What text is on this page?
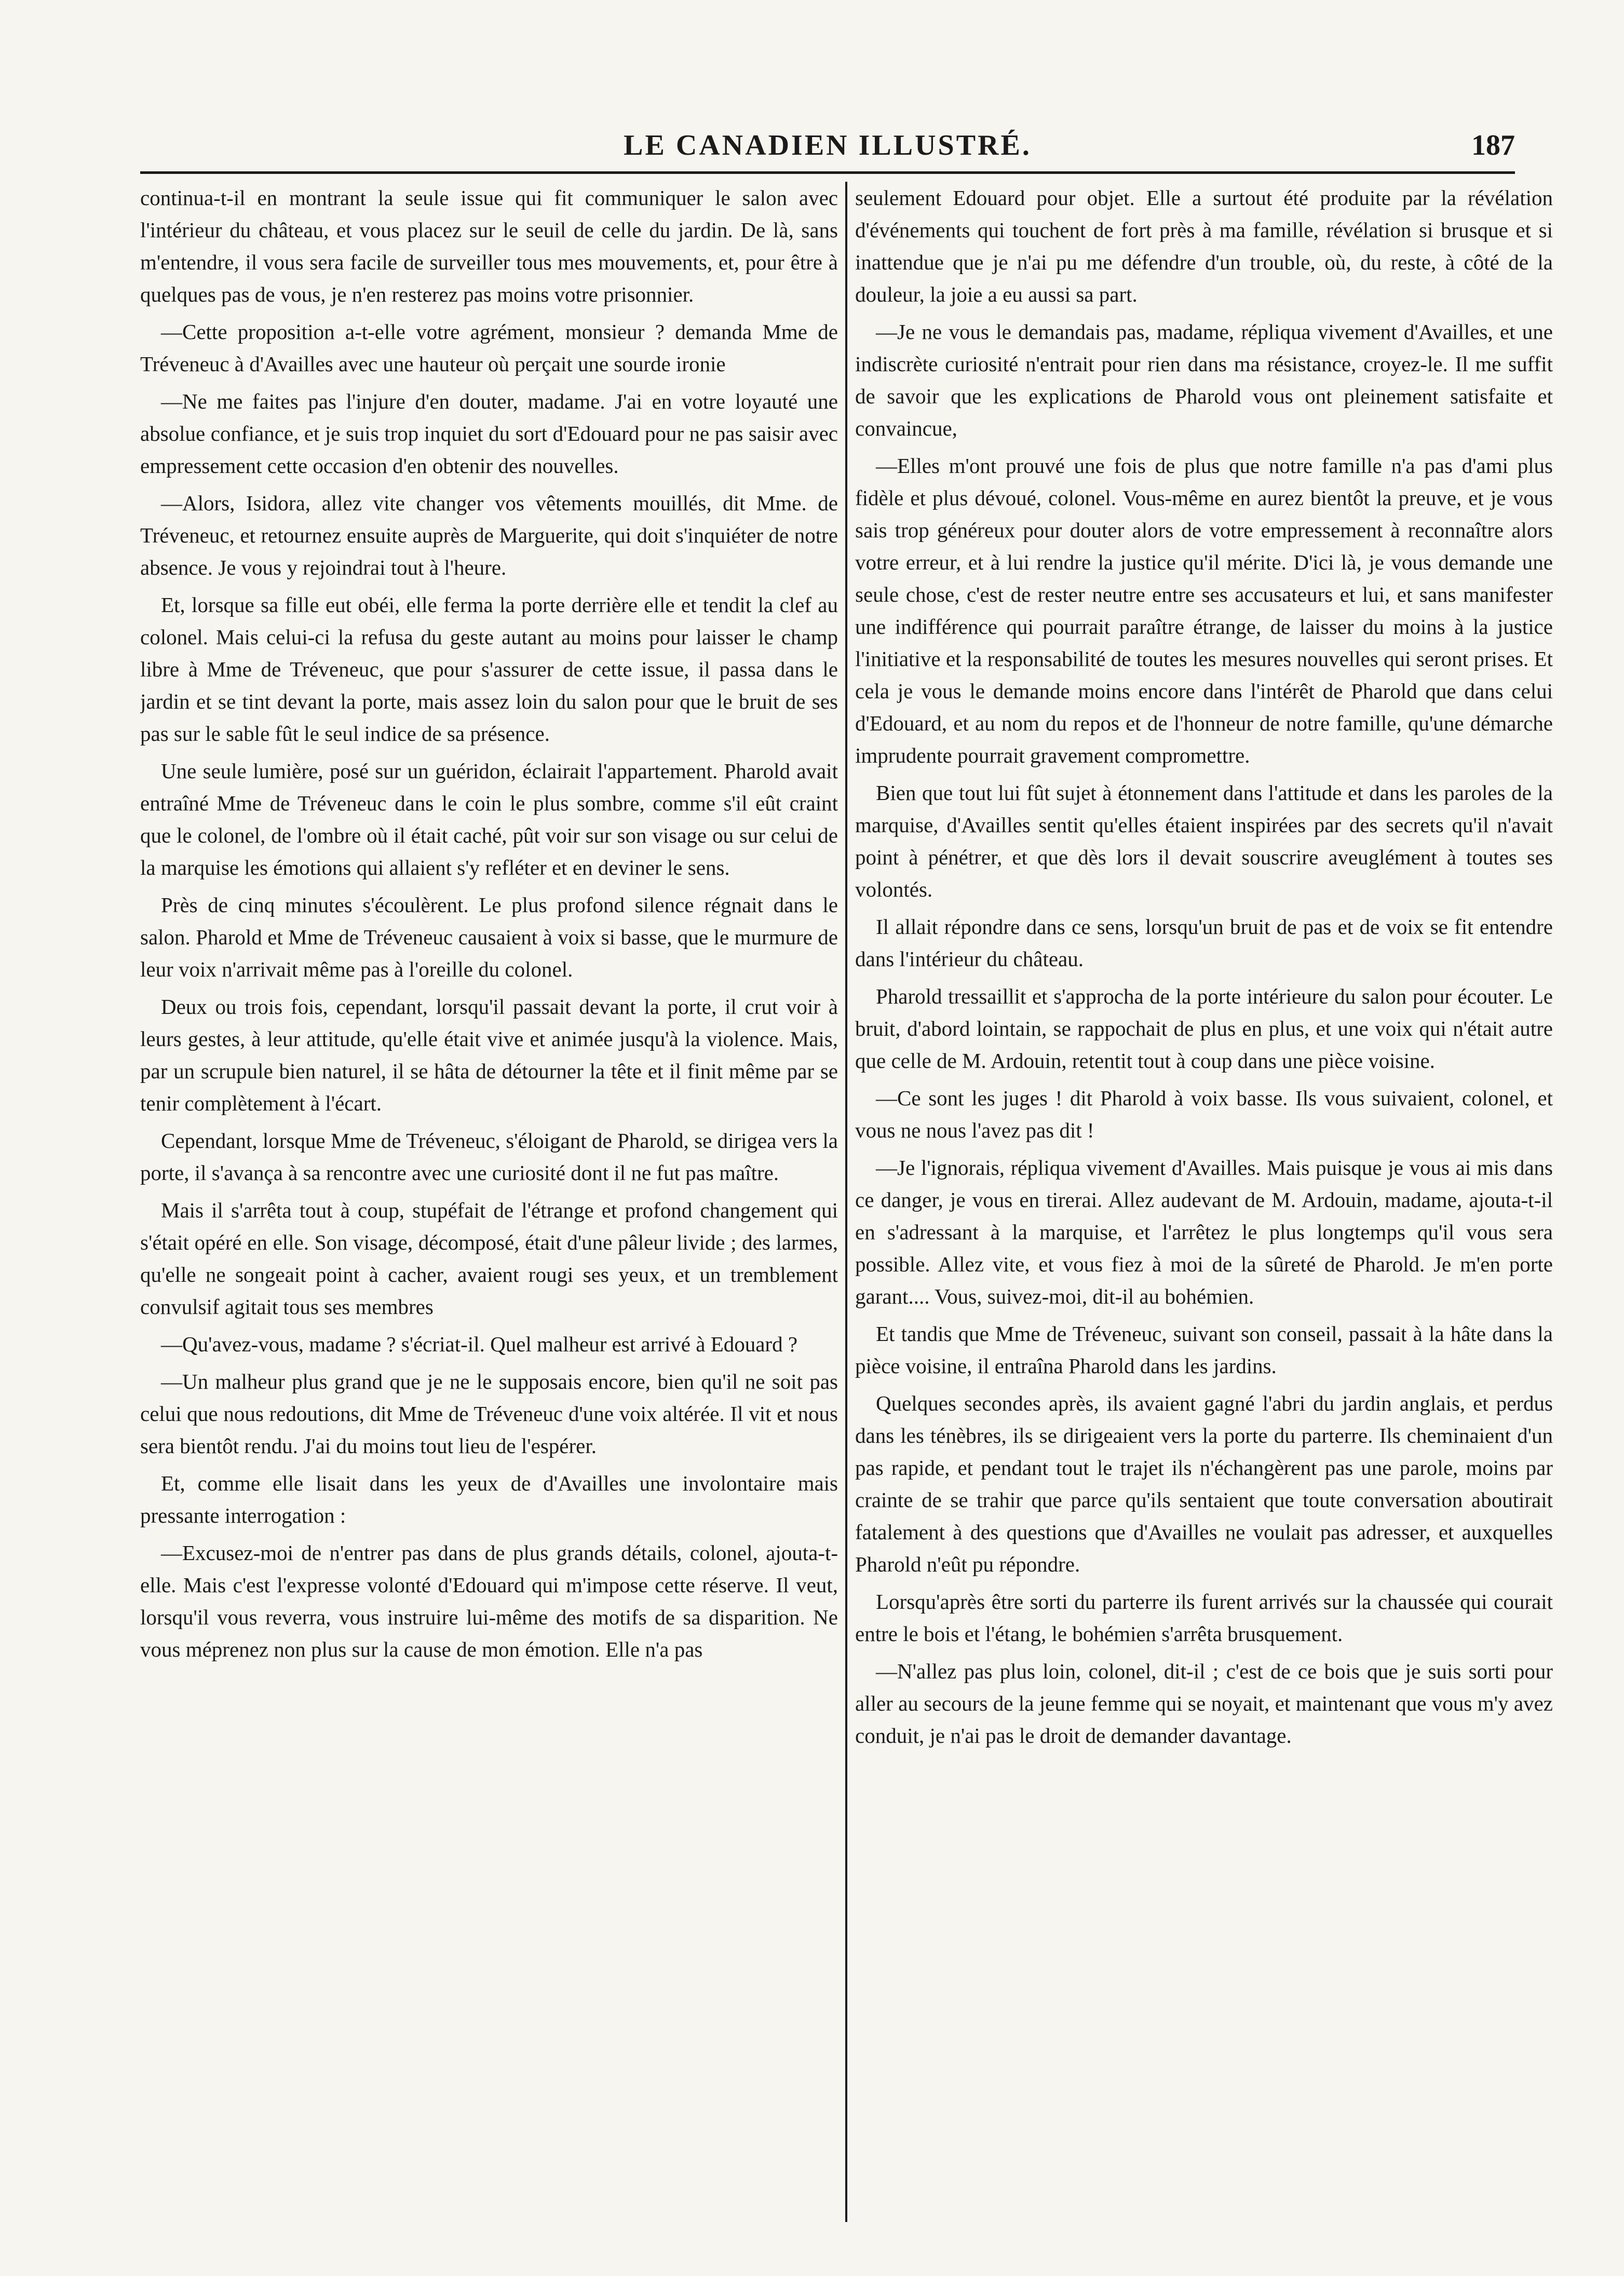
LE CANADIEN ILLUSTRÉ.	187

continua-t-il en montrant la seule issue qui fit communiquer le salon avec l'intérieur du château, et vous placez sur le seuil de celle du jardin. De là, sans m'entendre, il vous sera facile de surveiller tous mes mouvements, et, pour être à quelques pas de vous, je n'en resterez pas moins votre prisonnier.

—Cette proposition a-t-elle votre agrément, monsieur ? demanda Mme de Tréveneuc à d'Availles avec une hauteur où perçait une sourde ironie

—Ne me faites pas l'injure d'en douter, madame. J'ai en votre loyauté une absolue confiance, et je suis trop inquiet du sort d'Edouard pour ne pas saisir avec empressement cette occasion d'en obtenir des nouvelles.

—Alors, Isidora, allez vite changer vos vêtements mouillés, dit Mme. de Tréveneuc, et retournez ensuite auprès de Marguerite, qui doit s'inquiéter de notre absence. Je vous y rejoindrai tout à l'heure.

Et, lorsque sa fille eut obéi, elle ferma la porte derrière elle et tendit la clef au colonel. Mais celui-ci la refusa du geste autant au moins pour laisser le champ libre à Mme de Tréveneuc, que pour s'assurer de cette issue, il passa dans le jardin et se tint devant la porte, mais assez loin du salon pour que le bruit de ses pas sur le sable fût le seul indice de sa présence.

Une seule lumière, posé sur un guéridon, éclairait l'appartement. Pharold avait entraîné Mme de Tréveneuc dans le coin le plus sombre, comme s'il eût craint que le colonel, de l'ombre où il était caché, pût voir sur son visage ou sur celui de la marquise les émotions qui allaient s'y refléter et en deviner le sens.

Près de cinq minutes s'écoulèrent. Le plus profond silence régnait dans le salon. Pharold et Mme de Tréveneuc causaient à voix si basse, que le murmure de leur voix n'arrivait même pas à l'oreille du colonel.

Deux ou trois fois, cependant, lorsqu'il passait devant la porte, il crut voir à leurs gestes, à leur attitude, qu'elle était vive et animée jusqu'à la violence. Mais, par un scrupule bien naturel, il se hâta de détourner la tête et il finit même par se tenir complètement à l'écart.

Cependant, lorsque Mme de Tréveneuc, s'éloigant de Pharold, se dirigea vers la porte, il s'avança à sa rencontre avec une curiosité dont il ne fut pas maître.

Mais il s'arrêta tout à coup, stupéfait de l'étrange et profond changement qui s'était opéré en elle. Son visage, décomposé, était d'une pâleur livide ; des larmes, qu'elle ne songeait point à cacher, avaient rougi ses yeux, et un tremblement convulsif agitait tous ses membres

—Qu'avez-vous, madame ? s'écriat-il. Quel malheur est arrivé à Edouard ?

—Un malheur plus grand que je ne le supposais encore, bien qu'il ne soit pas celui que nous redoutions, dit Mme de Tréveneuc d'une voix altérée. Il vit et nous sera bientôt rendu. J'ai du moins tout lieu de l'espérer.

Et, comme elle lisait dans les yeux de d'Availles une involontaire mais pressante interrogation :

—Excusez-moi de n'entrer pas dans de plus grands détails, colonel, ajouta-t-elle. Mais c'est l'expresse volonté d'Edouard qui m'impose cette réserve. Il veut, lorsqu'il vous reverra, vous instruire lui-même des motifs de sa disparition. Ne vous méprenez non plus sur la cause de mon émotion. Elle n'a pas

seulement Edouard pour objet. Elle a surtout été produite par la révélation d'événements qui touchent de fort près à ma famille, révélation si brusque et si inattendue que je n'ai pu me défendre d'un trouble, où, du reste, à côté de la douleur, la joie a eu aussi sa part.

—Je ne vous le demandais pas, madame, répliqua vivement d'Availles, et une indiscrète curiosité n'entrait pour rien dans ma résistance, croyez-le. Il me suffit de savoir que les explications de Pharold vous ont pleinement satisfaite et convaincue,

—Elles m'ont prouvé une fois de plus que notre famille n'a pas d'ami plus fidèle et plus dévoué, colonel. Vous-même en aurez bientôt la preuve, et je vous sais trop généreux pour douter alors de votre empressement à reconnaître alors votre erreur, et à lui rendre la justice qu'il mérite. D'ici là, je vous demande une seule chose, c'est de rester neutre entre ses accusateurs et lui, et sans manifester une indifférence qui pourrait paraître étrange, de laisser du moins à la justice l'initiative et la responsabilité de toutes les mesures nouvelles qui seront prises. Et cela je vous le demande moins encore dans l'intérêt de Pharold que dans celui d'Edouard, et au nom du repos et de l'honneur de notre famille, qu'une démarche imprudente pourrait gravement compromettre.

Bien que tout lui fût sujet à étonnement dans l'attitude et dans les paroles de la marquise, d'Availles sentit qu'elles étaient inspirées par des secrets qu'il n'avait point à pénétrer, et que dès lors il devait souscrire aveuglément à toutes ses volontés.

Il allait répondre dans ce sens, lorsqu'un bruit de pas et de voix se fit entendre dans l'intérieur du château.

Pharold tressaillit et s'approcha de la porte intérieure du salon pour écouter. Le bruit, d'abord lointain, se rappochait de plus en plus, et une voix qui n'était autre que celle de M. Ardouin, retentit tout à coup dans une pièce voisine.

—Ce sont les juges ! dit Pharold à voix basse. Ils vous suivaient, colonel, et vous ne nous l'avez pas dit !

—Je l'ignorais, répliqua vivement d'Availles. Mais puisque je vous ai mis dans ce danger, je vous en tirerai. Allez audevant de M. Ardouin, madame, ajouta-t-il en s'adressant à la marquise, et l'arrêtez le plus longtemps qu'il vous sera possible. Allez vite, et vous fiez à moi de la sûreté de Pharold. Je m'en porte garant.... Vous, suivez-moi, dit-il au bohémien.

Et tandis que Mme de Tréveneuc, suivant son conseil, passait à la hâte dans la pièce voisine, il entraîna Pharold dans les jardins.

Quelques secondes après, ils avaient gagné l'abri du jardin anglais, et perdus dans les ténèbres, ils se dirigeaient vers la porte du parterre. Ils cheminaient d'un pas rapide, et pendant tout le trajet ils n'échangèrent pas une parole, moins par crainte de se trahir que parce qu'ils sentaient que toute conversation aboutirait fatalement à des questions que d'Availles ne voulait pas adresser, et auxquelles Pharold n'eût pu répondre.

Lorsqu'après être sorti du parterre ils furent arrivés sur la chaussée qui courait entre le bois et l'étang, le bohémien s'arrêta brusquement.

—N'allez pas plus loin, colonel, dit-il ; c'est de ce bois que je suis sorti pour aller au secours de la jeune femme qui se noyait, et maintenant que vous m'y avez conduit, je n'ai pas le droit de demander davantage.
